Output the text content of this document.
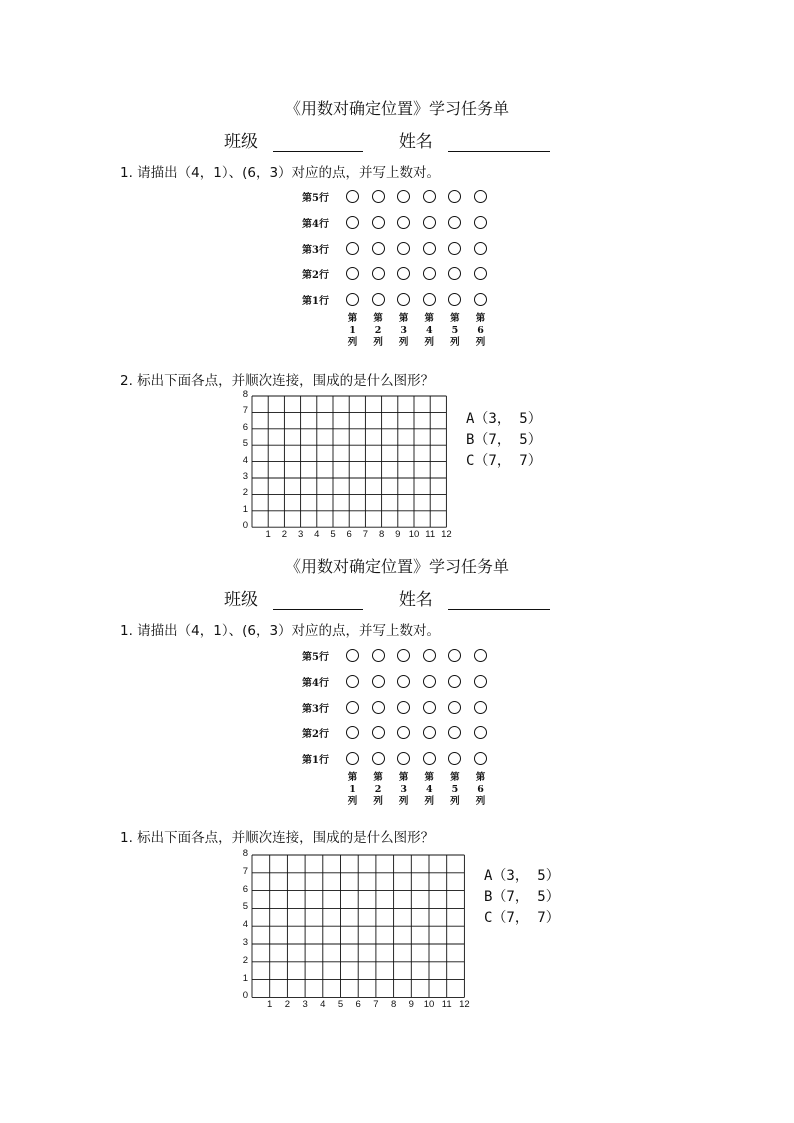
《用数对确定位置》学习任务单
班级	姓名
1. 请描出（4，1）、(6，3）对应的点，并写上数对。
2. 标出下面各点，并顺次连接，围成的是什么图形？
A（3， 5）
B（7， 5）
C（7， 7）
第5行
第4行
第3行
第2行
第1行
第
1
列
第
2
列
第
3
列
第
4
列
第
5
列
第
6
列
0
1
2
3
4
5
6
7
8
1	2	3	4	5	6	7	8	9 10 11 12
《用数对确定位置》学习任务单
班级	姓名
1. 请描出（4，1）、(6，3）对应的点，并写上数对。
1. 标出下面各点，并顺次连接，围成的是什么图形？
A（3， 5）
B（7， 5）
C（7， 7）
第5行
第4行
第3行
第2行
第1行
第
1
列
第
2
列
第
3
列
第
4
列
第
5
列
第
6
列
0
1
2
3
4
5
6
7
8
1	2	3	4	5	6	7	8	9	10 11 12
